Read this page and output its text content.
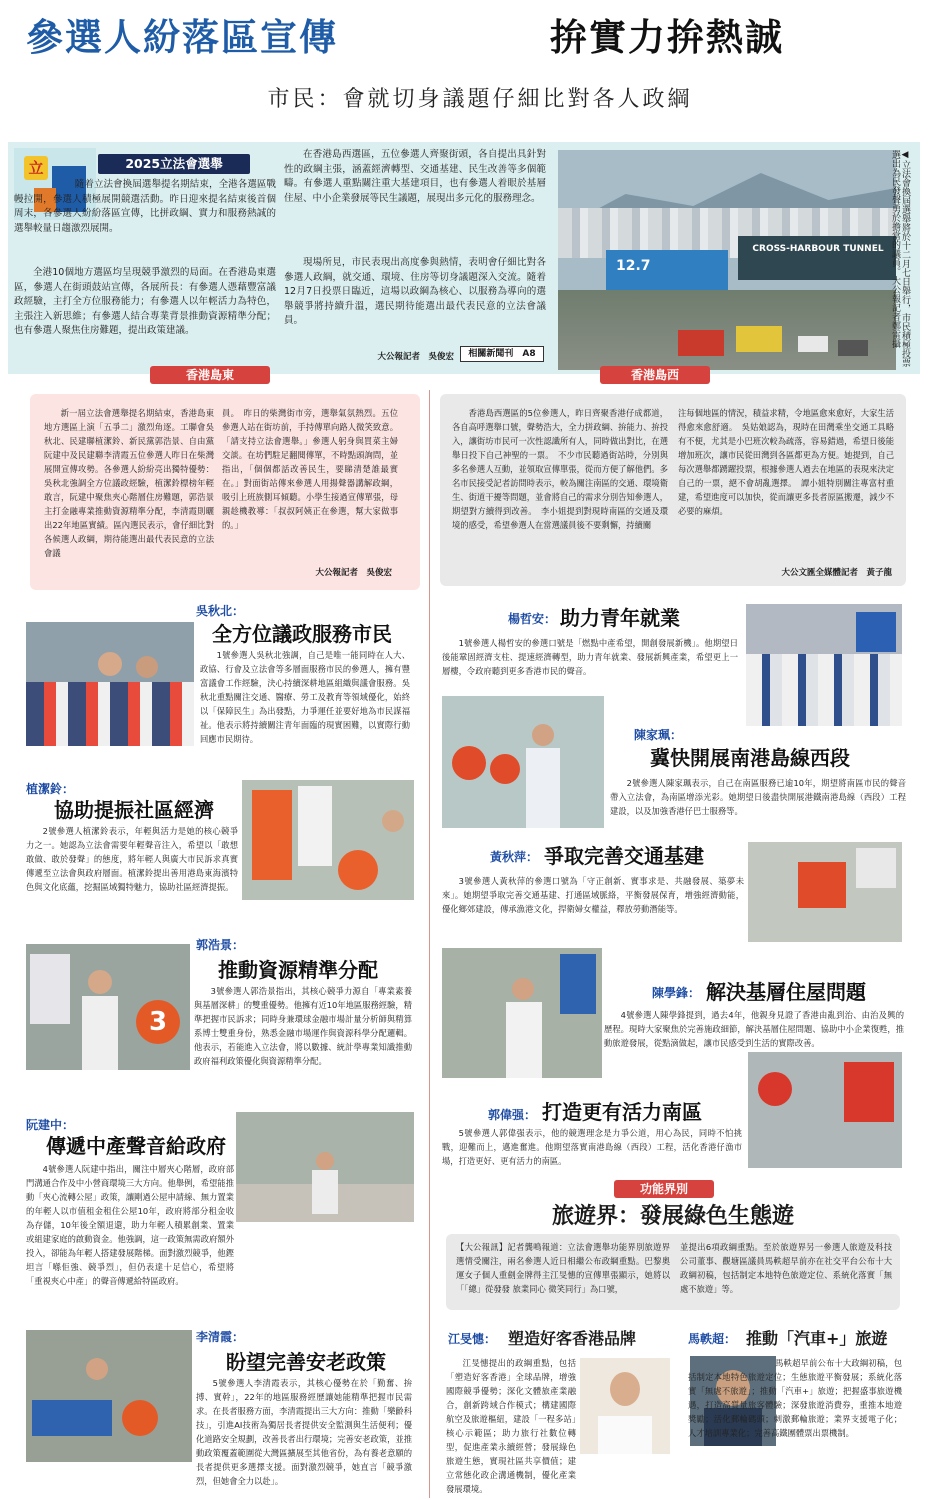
參選人紛落區宣傳	拚實力拚熱誠
市民：會就切身議題仔細比對各人政綱
立	2025立法會選舉
隨着立法會換屆選舉提名期結束，全港各選區戰幔拉開，參選人積極展開競選活動。昨日迎來提名結束後首個周末，各參選人紛紛落區宣傳，比拼政綱、實力和服務熱誠的選舉較量日趨激烈展開。
全港10個地方選區均呈現競爭激烈的局面。在香港島東選區，參選人在街頭鼓站宣傳，各展所長：有參選人憑藉豐富議政經驗，主打全方位服務能力；有參選人以年輕活力為特色，主張注入新思維；有參選人結合專業背景推動資源精準分配；也有參選人聚焦住房難題，提出政策建議。
在香港島西選區，五位參選人齊聚街頭，各自提出具針對性的政綱主張，涵蓋經濟轉型、交通基建、民生改善等多個範疇。有參選人重點關注重大基建項目，也有參選人着眼於基層住屋、中小企業發展等民生議題，展現出多元化的服務理念。
現場所見，市民表現出高度參與熱情，表明會仔細比對各參選人政綱，就交通、環境、住房等切身議題深入交流。隨着12月7日投票日臨近，這場以政綱為核心、以服務為導向的選舉競爭將持續升溫，選民期待能選出最代表民意的立法會議員。
大公報記者　吳俊宏	相關新聞刊　A8
CROSS-HARBOUR TUNNEL
12.7	◀立法會換屆選舉將於十二月七日舉行，市民積極投票選出為民發聲勇於擔當的議員。大公報記者鄭雷攝
香港島東	香港島西
新一屆立法會選舉提名期結束，香港島東地方選區上演「五爭二」激烈角逐。工聯會吳秋北、民建聯植潔鈴、新民黨郭浩景、自由黨阮建中及民建聯李清霞五位參選人昨日在柴灣展開宣傳攻勢。各參選人紛紛亮出獨特優勢：吳秋北強調全方位議政經驗，植潔鈴標榜年輕敢言，阮建中聚焦夾心階層住房難題，郭浩景主打金融專業推動資源精準分配，李清霞則曬出22年地區實績。區內選民表示，會仔細比對各候選人政綱，期待能選出最代表民意的立法會議
員。　昨日的柴灣街市旁，選舉氣氛熱烈。五位參選人站在街坊前，手持傳單向路人微笑致意。「請支持立法會選舉。」參選人躬身與買菜主婦交談。在坊們駐足翻閱傳單，不時點頭詢問，並指出，「個個都話改善民生，要睇清楚誰最實在。」對面街站傳來參選人用揚聲器講解政綱，吸引上班族側耳傾聽。小學生接過宣傳單張，母親趁機教導：「叔叔阿姨正在參選，幫大家做事的。」
大公報記者　吳俊宏
香港島西選區的5位參選人，昨日齊聚香港仔成都道，各自高呼選舉口號，聲勢浩大，全力拼政綱、拚能力、拚投入，讓街坊市民可一次性認識所有人，同時做出對比，在選舉日投下自己神聖的一票。　不少市民聽過街站時，分別與多名參選人互動，並領取宣傳單張，從而方便了解他們。多名市民接受記者訪問時表示，較為關注南區的交通、環境衛生、街道干擾等問題，並會將自己的需求分別告知參選人，期望對方續得到改善。　李小姐提到對現時南區的交通及環境的感受，希望參選人在當選議員後不要剩懈，持續關
注每個地區的情況，積益求精，令地區愈來愈好，大家生活得愈來愈舒適。　吳姑娘認為，現時在田灣乘坐交通工具略有不便，尤其是小巴班次較為疏落，容易錯過，希望日後能增加班次，讓市民從田灣到各區都更為方便。她提到，自己每次選舉都踴躍投票，根據參選人過去在地區的表現來決定自己的一票，絕不會胡亂選擇。　譚小姐特別關注專富村重建，希望進度可以加快，從而讓更多長者原區搬遷，減少不必要的麻煩。
大公文匯全媒體記者　黃子龍
吳秋北：
全方位議政服務市民
1號參選人吳秋北強調，自己是唯一能同時在人大、政協、行會及立法會等多層面服務市民的參選人，擁有豐富議會工作經驗，決心持續深耕地區組織與議會服務。吳秋北重點關注交通、醫療、勞工及教育等領域優化，始終以「保障民生」為出發點，力爭運任並要好地為市民謀福祉。他表示將持續關注青年面臨的現實困難，以實際行動回應市民期待。
植潔鈴：
協助提振社區經濟
2號參選人植潔鈴表示，年輕與活力是她的核心競爭力之一。她認為立法會需要年輕聲音注入，希望以「敢想敢做、敢於發聲」的態度，將年輕人與廣大市民訴求真實傳遞至立法會與政府層面。植潔鈴提出善用港島東海濱特色與文化底蘊，挖掘區域獨特魅力，協助社區經濟提振。
郭浩景：
推動資源精準分配
3
3號參選人郭浩景指出，其核心競爭力源自「專業素養與基層深耕」的雙重優勢。他擁有近10年地區服務經驗，精準把握市民訴求；同時身兼環球金融市場計量分析師與精算系博士雙重身份，熟悉金融市場運作與資源科學分配邏輯。他表示，若能進入立法會，將以數據、統計學專業知識推動政府福利政策優化與資源精準分配。
阮建中：
傳遞中產聲音給政府
4號參選人阮建中指出，關注中層夾心階層，政府部門溝通合作及中小營商環境三大方向。他舉例，希望能推動「夾心流轉公屋」政策，讓剛過公屋申請線、無力置業的年輕人以市值租金租住公屋10年，政府將部分租金收為存儲，10年後全額退還，助力年輕人積累創業、置業或組建家庭的啟動資金。他強調，這一政策無需政府額外投入，卻能為年輕人搭建發展階梯。面對激烈競爭，他鏗坦言「喺佢強、競爭烈」，但仍表達十足信心，希望將「重視夾心中產」的聲音傳遞給特區政府。
李清霞：
盼望完善安老政策
5號參選人李清霞表示，其核心優勢在於「勤奮、拚搏、實幹」，22年的地區服務經歷讓她能精準把握市民需求。在長者服務方面，李清霞提出三大方向：推動「樂齡科技」，引進AI技術為獨居長者提供安全監測與生活便利；優化道路安全規劃，改善長者出行環境；完善安老政策，並推動政策覆蓋範圍從大灣區擴展至其他省份，為有養老意願的長者提供更多選擇支援。面對激烈競爭，她直言「競爭激烈，但她會全力以赴」。
楊哲安： 助力青年就業
1號參選人楊哲安的參選口號是「燃點中產希望，開創發展新機」。他期望日後能鞏固經濟支柱、提速經濟轉型，助力青年就業、發展新興產業，希望更上一層樓，令政府聽到更多香港市民的聲音。
陳家珮：
冀快開展南港島線西段
2號參選人陳家珮表示，自己在南區服務已逾10年，期望將南區市民的聲音帶入立法會，為南區增添光彩。她期望日後盡快開展港鐵南港島線（西段）工程建設，以及加強香港仔巴士服務等。
黃秋萍： 爭取完善交通基建
3號參選人黃秋萍的參選口號為「守正創新、實事求是、共融發展、築夢未來」。她期望爭取完善交通基建、打通區域脈絡，平衡發展保育，增強經濟動能，優化鄉郊建設，傳承漁港文化，捍衛婦女權益，釋放勞動潛能等。
陳學鋒： 解決基層住屋問題
4號參選人陳學鋒提到，過去4年，他親身見證了香港由亂到治、由治及興的歷程。現時大家聚焦於完善施政細節，解決基層住屋問題、協助中小企業復甦，推動旅遊發展，從點滴做起，讓市民感受到生活的實際改善。
郭偉强： 打造更有活力南區
5號參選人郭偉强表示，他的競選理念是力爭公道，用心為民，同時不怕挑戰，迎難而上，邁進奮進。他期望落實南港島線（西段）工程，活化香港仔漁市場，打造更好、更有活力的南區。
功能界別
旅遊界：發展綠色生態遊
【大公報訊】記者龔鳴報道：立法會選舉功能界別旅遊界選情受關注，兩名參選人近日相繼公布政綱重點。巴黎奧運女子個人重劍金牌得主江旻憓的宣傳單張顯示，她將以「「總」從發發 旅業同心 微笑同行」為口號，
並提出6項政綱重點。至於旅遊界另一參選人旅遊及科技公司董事、觀塘區議員馬軼超早前亦在社交平台公布十大政綱初稿，包括制定本地特色旅遊定位、系統化落實「無處不旅遊」等。
江旻憓： 塑造好客香港品牌
江旻憓提出的政綱重點，包括「塑造好客香港」全球品牌，增強國際競爭優勢；深化文體旅產業融合，創新跨域合作模式；構建國際航空及旅遊樞紐，建設「一程多站」核心示範區；助力旅行社數位轉型，促進產業永續經營；發展綠色旅遊生態，實現社區共享價值；建立常態化政企溝通機制，優化產業發展環境。
馬軼超： 推動「汽車+」旅遊
馬軼超早前公布十大政綱初稿，包括制定本地特色旅遊定位；生態旅遊平衡發展；系統化落實「無處不旅遊」；推動「汽車+」旅遊；把握盛事旅遊機遇，打造高質量旅客體驗；深發旅遊消費券，重推本地遊獎勵；活化郵輪碼頭；刺激郵輪旅遊；業界支援電子化；人才培訓專業化；完善高鐵團體票出票機制。
